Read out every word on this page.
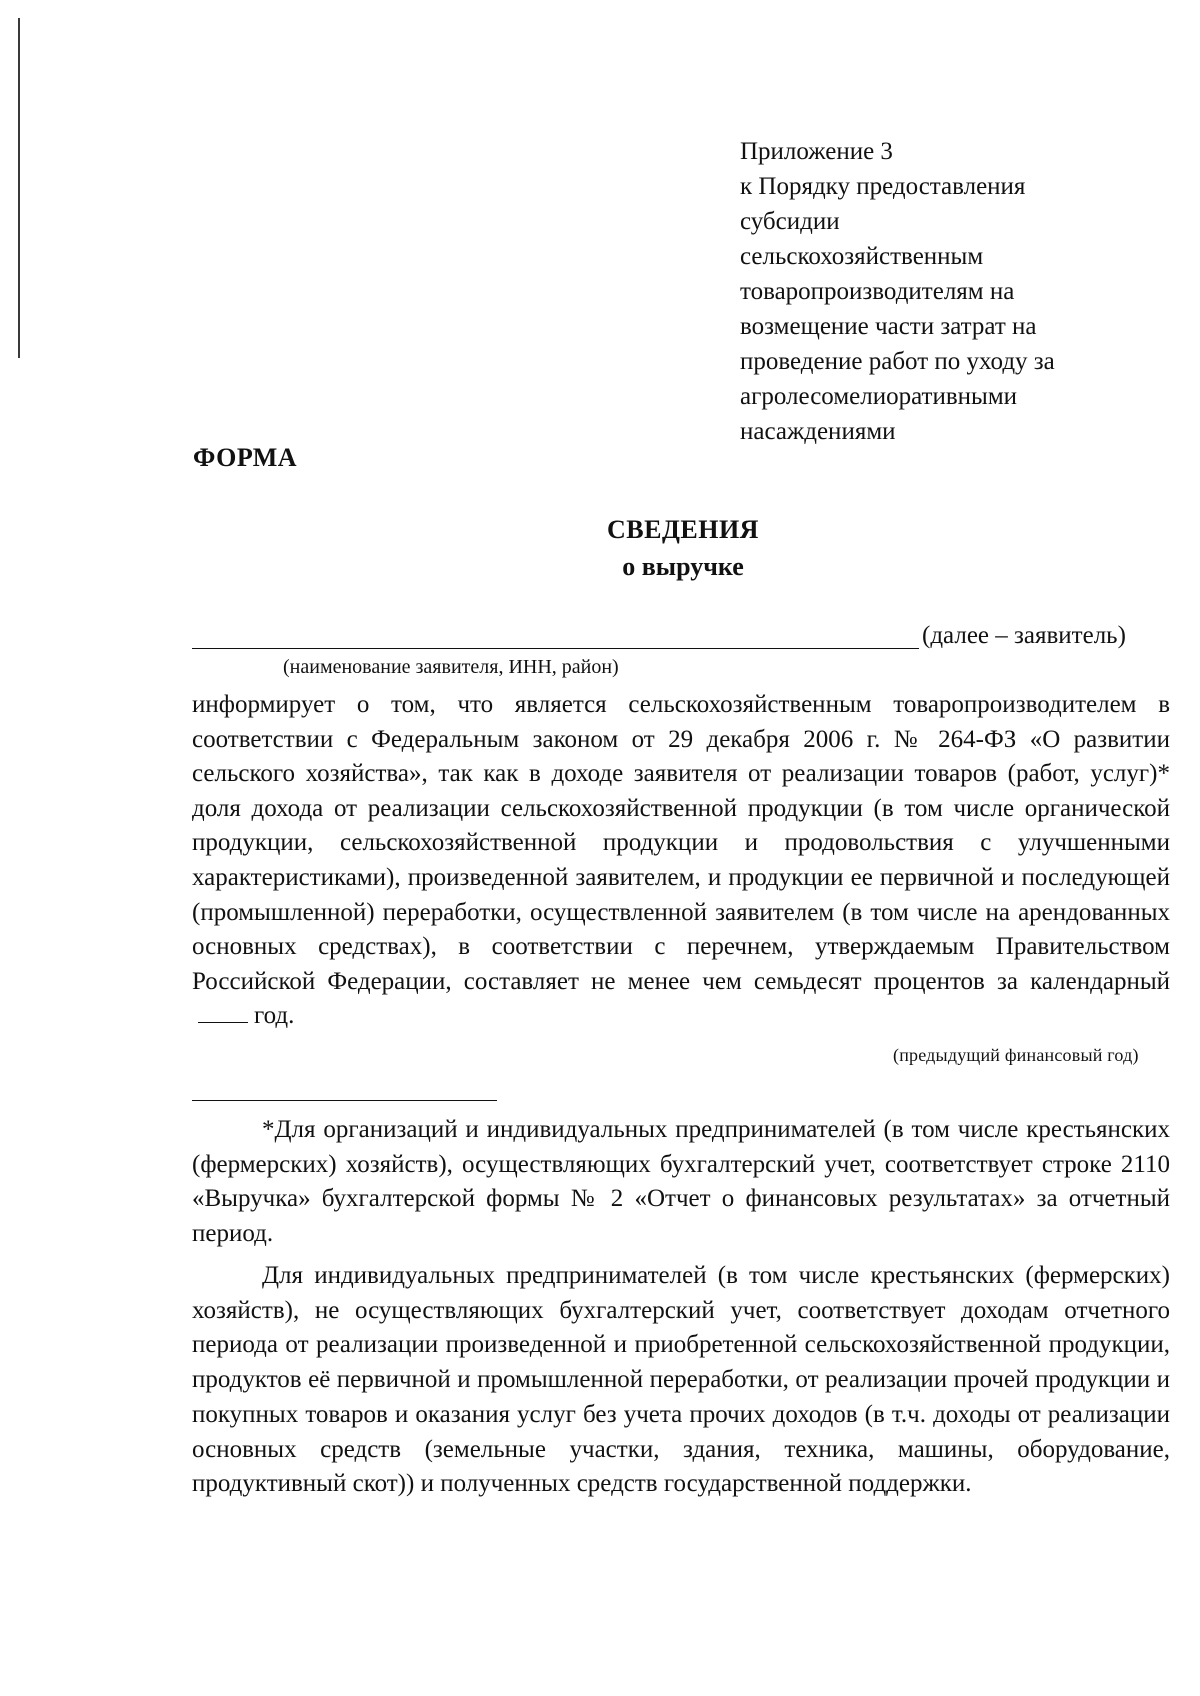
Приложение 3
к Порядку предоставления
субсидии
сельскохозяйственным
товаропроизводителям на
возмещение части затрат на
проведение работ по уходу за
агролесомелиоративными
насаждениями
ФОРМА
СВЕДЕНИЯ
о выручке
(далее – заявитель)
(наименование заявителя, ИНН, район)
информирует о том, что является сельскохозяйственным товаропроизводителем в соответствии с Федеральным законом от 29 декабря 2006 г. № 264-ФЗ «О развитии сельского хозяйства», так как в доходе заявителя от реализации товаров (работ, услуг)* доля дохода от реализации сельскохозяйственной продукции (в том числе органической продукции, сельскохозяйственной продукции и продовольствия с улучшенными характеристиками), произведенной заявителем, и продукции ее первичной и последующей (промышленной) переработки, осуществленной заявителем (в том числе на арендованных основных средствах), в соответствии с перечнем, утверждаемым Правительством Российской Федерации, составляет не менее чем семьдесят процентов за календарныйгод.
(предыдущий финансовый год)
*Для организаций и индивидуальных предпринимателей (в том числе крестьянских (фермерских) хозяйств), осуществляющих бухгалтерский учет, соответствует строке 2110 «Выручка» бухгалтерской формы № 2 «Отчет о финансовых результатах» за отчетный период.
Для индивидуальных предпринимателей (в том числе крестьянских (фермерских) хозяйств), не осуществляющих бухгалтерский учет, соответствует доходам отчетного периода от реализации произведенной и приобретенной сельскохозяйственной продукции, продуктов её первичной и промышленной переработки, от реализации прочей продукции и покупных товаров и оказания услуг без учета прочих доходов (в т.ч. доходы от реализации основных средств (земельные участки, здания, техника, машины, оборудование, продуктивный скот)) и полученных средств государственной поддержки.
